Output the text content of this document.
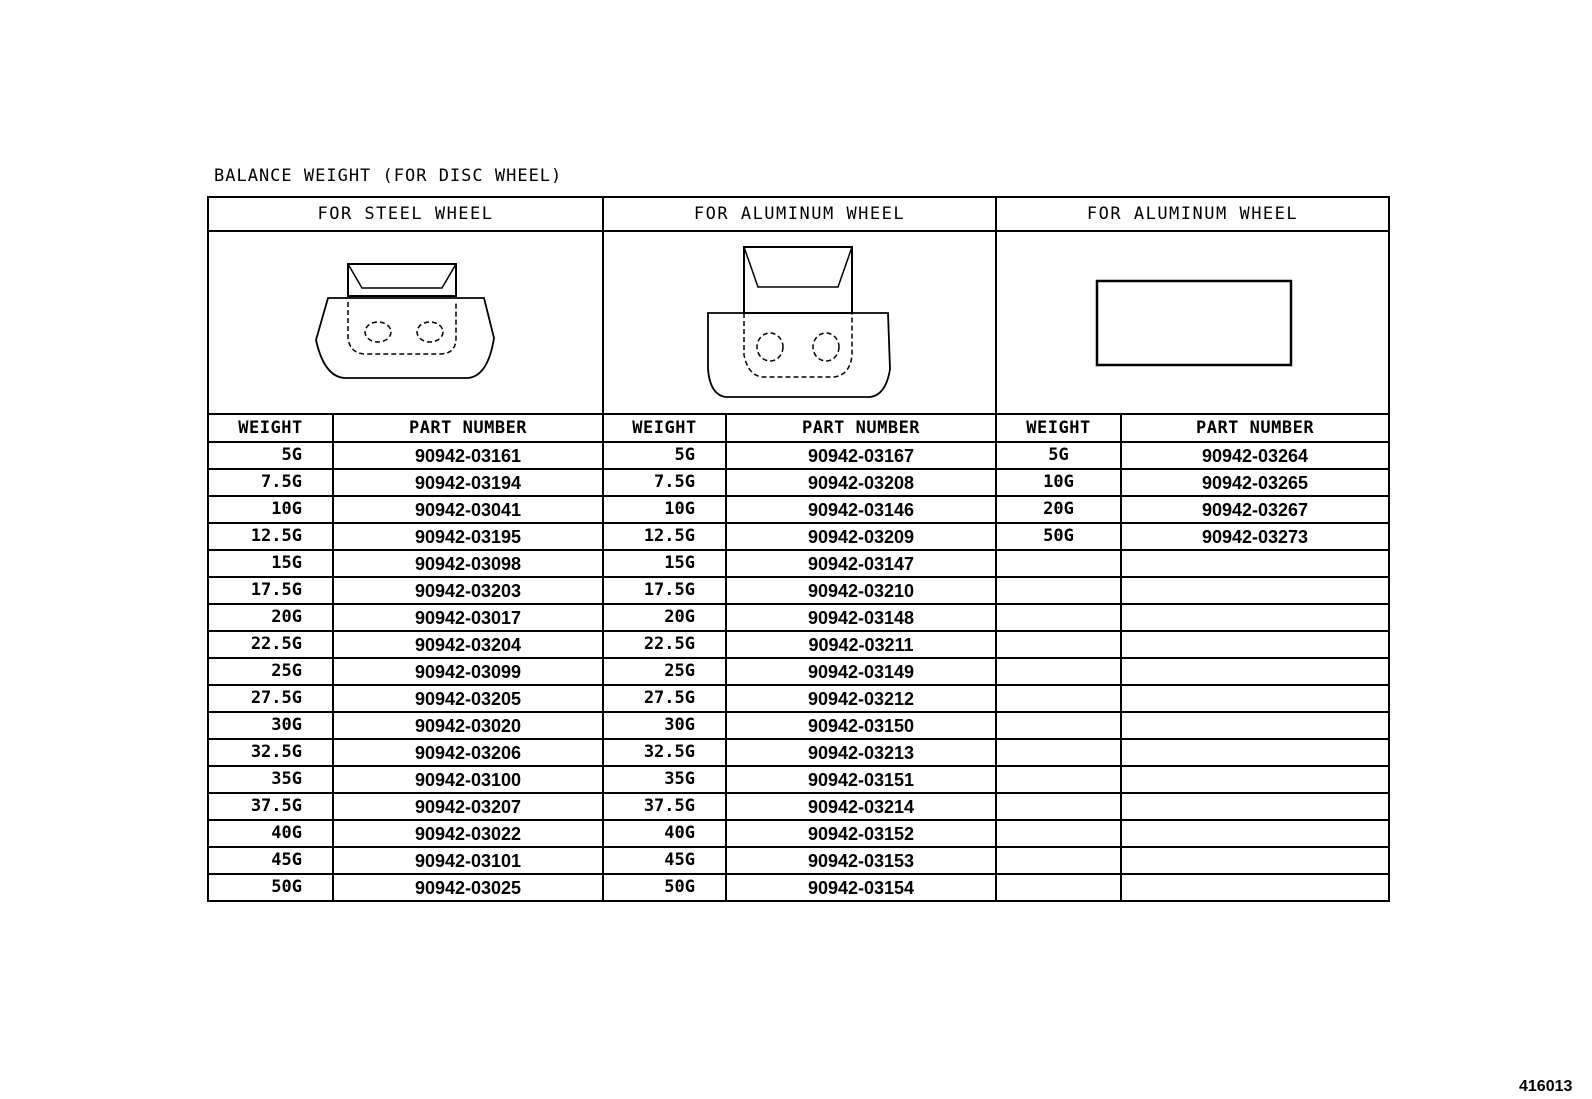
BALANCE WEIGHT (FOR DISC WHEEL)
FOR STEEL WHEEL		FOR ALUMINUM WHEEL		FOR ALUMINUM WHEEL	

WEIGHT	PART NUMBER	WEIGHT	PART NUMBER	WEIGHT	PART NUMBER
5G	90942-03161	5G	90942-03167	5G	90942-03264
7.5G	90942-03194	7.5G	90942-03208	10G	90942-03265
10G	90942-03041	10G	90942-03146	20G	90942-03267
12.5G	90942-03195	12.5G	90942-03209	50G	90942-03273
15G	90942-03098	15G	90942-03147		
17.5G	90942-03203	17.5G	90942-03210		
20G	90942-03017	20G	90942-03148		
22.5G	90942-03204	22.5G	90942-03211		
25G	90942-03099	25G	90942-03149		
27.5G	90942-03205	27.5G	90942-03212		
30G	90942-03020	30G	90942-03150		
32.5G	90942-03206	32.5G	90942-03213		
35G	90942-03100	35G	90942-03151		
37.5G	90942-03207	37.5G	90942-03214		
40G	90942-03022	40G	90942-03152		
45G	90942-03101	45G	90942-03153		
50G	90942-03025	50G	90942-03154		
416013
